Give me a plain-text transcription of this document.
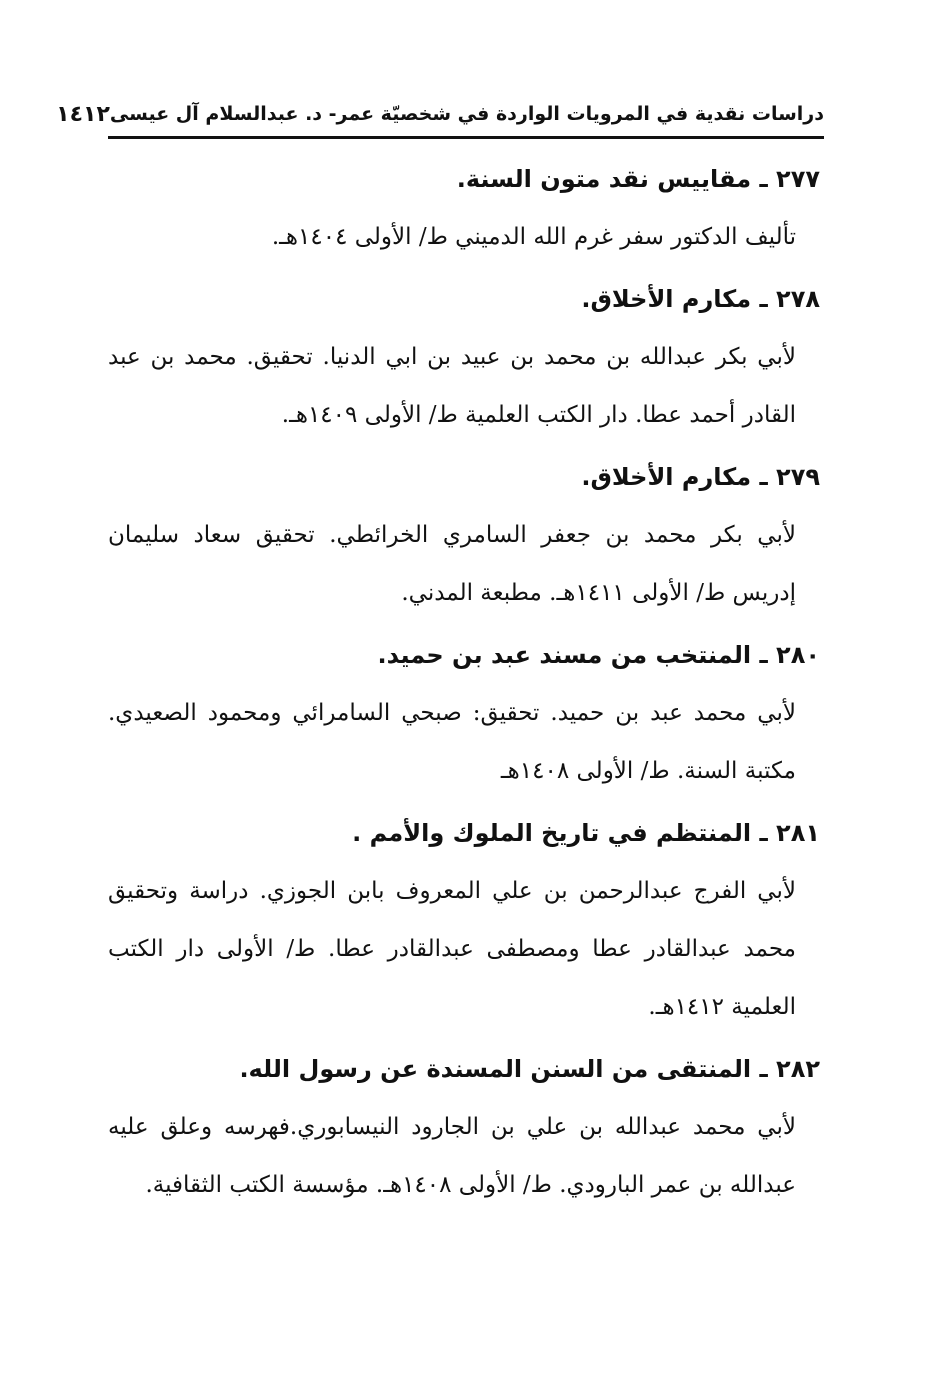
دراسات نقدية في المرويات الواردة في شخصيّة عمر- د. عبدالسلام آل عيسى
١٤١٢
٢٧٧ ـ مقاييس نقد متون السنة.
تأليف الدكتور سفر غرم الله الدميني ط/ الأولى ١٤٠٤هـ.
٢٧٨ ـ مكارم الأخلاق.
لأبي بكر عبدالله بن محمد بن عبيد بن ابي الدنيا. تحقيق. محمد بن عبد القادر أحمد عطا. دار الكتب العلمية ط/ الأولى ١٤٠٩هـ.
٢٧٩ ـ مكارم الأخلاق.
لأبي بكر محمد بن جعفر السامري الخرائطي. تحقيق سعاد سليمان إدريس ط/ الأولى ١٤١١هـ. مطبعة المدني.
٢٨٠ ـ المنتخب من مسند عبد بن حميد.
لأبي محمد عبد بن حميد. تحقيق: صبحي السامرائي ومحمود الصعيدي. مكتبة السنة. ط/ الأولى ١٤٠٨هـ
٢٨١ ـ المنتظم في تاريخ الملوك والأمم .
لأبي الفرج عبدالرحمن بن علي المعروف بابن الجوزي. دراسة وتحقيق محمد عبدالقادر عطا ومصطفى عبدالقادر عطا. ط/ الأولى دار الكتب العلمية ١٤١٢هـ.
٢٨٢ ـ المنتقى من السنن المسندة عن رسول الله.
لأبي محمد عبدالله بن علي بن الجارود النيسابوري.فهرسه وعلق عليه عبدالله بن عمر البارودي. ط/ الأولى ١٤٠٨هـ. مؤسسة الكتب الثقافية.
